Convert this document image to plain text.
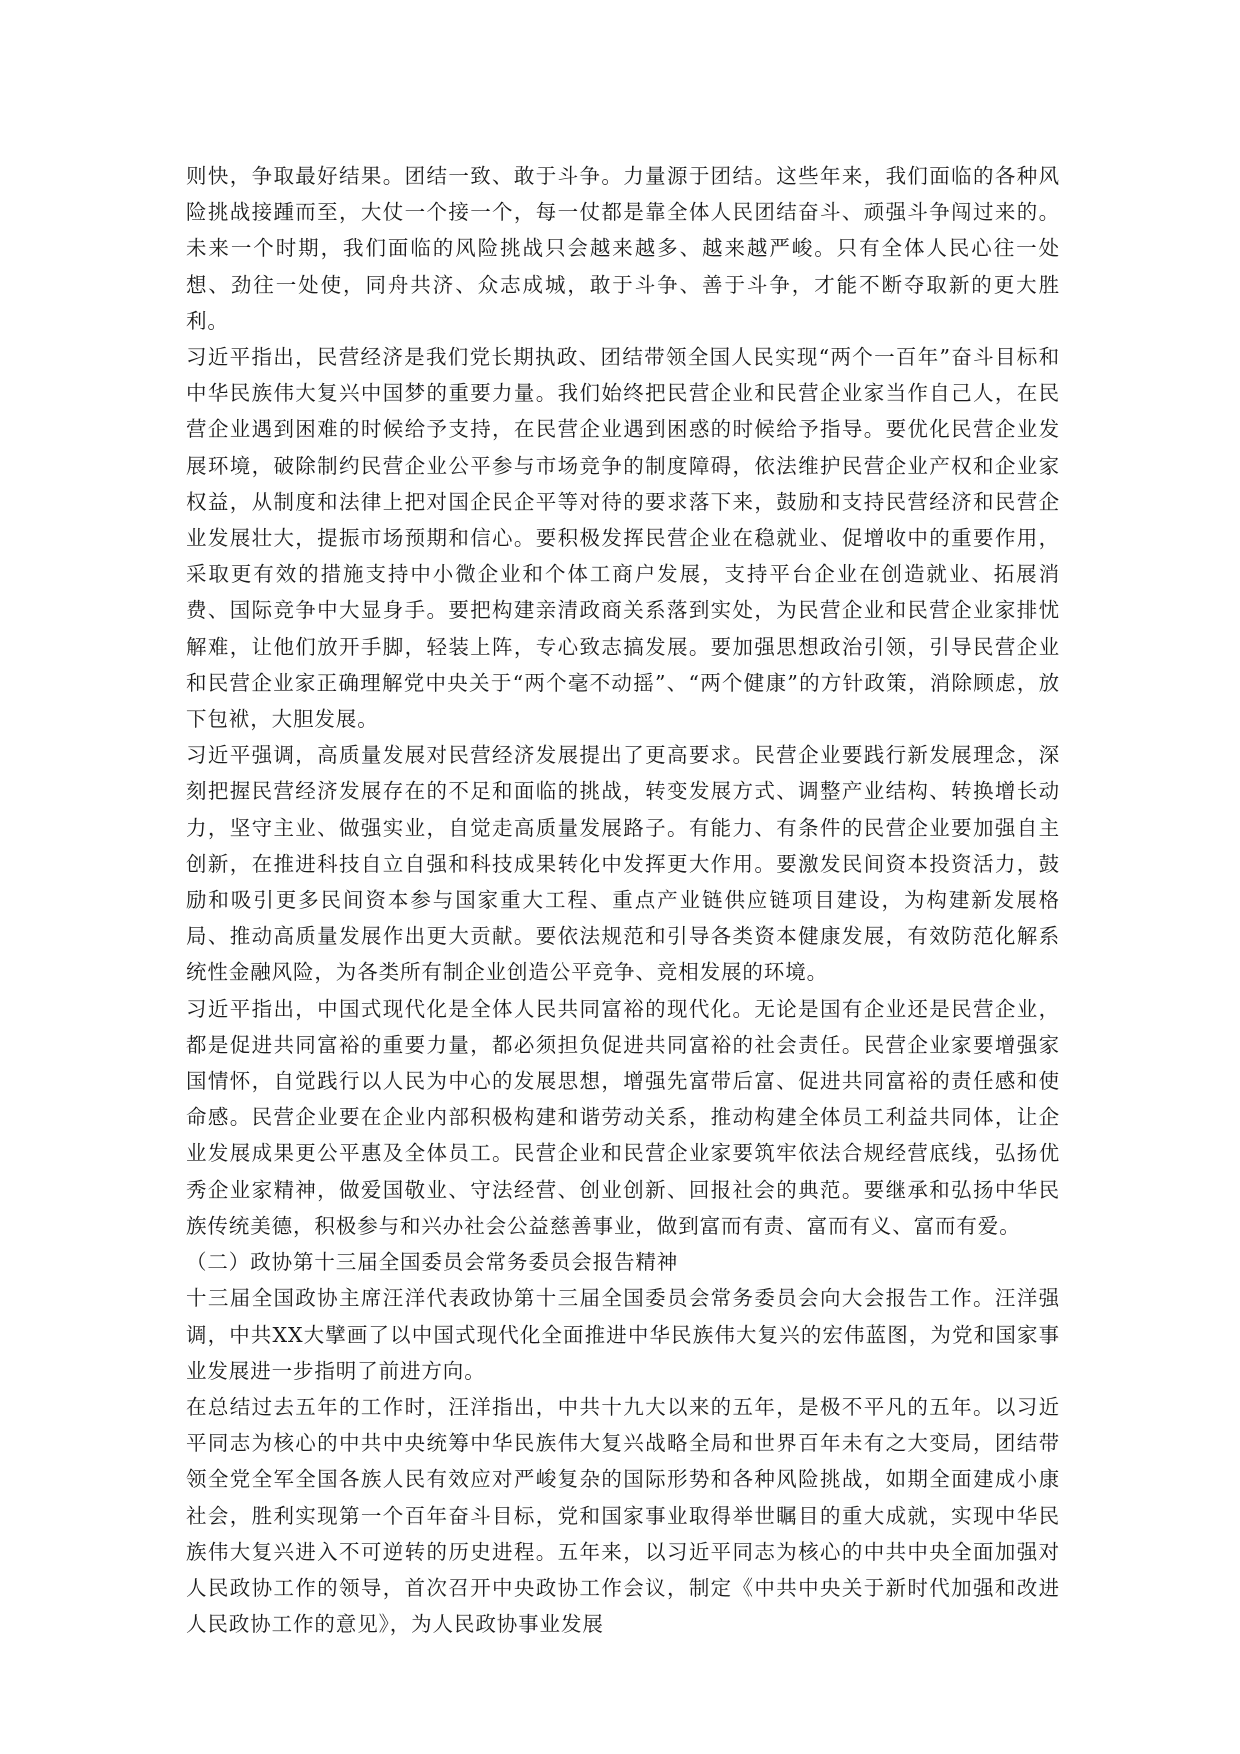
则快，争取最好结果。团结一致、敢于斗争。力量源于团结。这些年来，我们面临的各种风险挑战接踵而至，大仗一个接一个，每一仗都是靠全体人民团结奋斗、顽强斗争闯过来的。未来一个时期，我们面临的风险挑战只会越来越多、越来越严峻。只有全体人民心往一处想、劲往一处使，同舟共济、众志成城，敢于斗争、善于斗争，才能不断夺取新的更大胜利。

习近平指出，民营经济是我们党长期执政、团结带领全国人民实现“两个一百年”奋斗目标和中华民族伟大复兴中国梦的重要力量。我们始终把民营企业和民营企业家当作自己人，在民营企业遇到困难的时候给予支持，在民营企业遇到困惑的时候给予指导。要优化民营企业发展环境，破除制约民营企业公平参与市场竞争的制度障碍，依法维护民营企业产权和企业家权益，从制度和法律上把对国企民企平等对待的要求落下来，鼓励和支持民营经济和民营企业发展壮大，提振市场预期和信心。要积极发挥民营企业在稳就业、促增收中的重要作用，采取更有效的措施支持中小微企业和个体工商户发展，支持平台企业在创造就业、拓展消费、国际竞争中大显身手。要把构建亲清政商关系落到实处，为民营企业和民营企业家排忧解难，让他们放开手脚，轻装上阵，专心致志搞发展。要加强思想政治引领，引导民营企业和民营企业家正确理解党中央关于“两个毫不动摇”、“两个健康”的方针政策，消除顾虑，放下包袱，大胆发展。

习近平强调，高质量发展对民营经济发展提出了更高要求。民营企业要践行新发展理念，深刻把握民营经济发展存在的不足和面临的挑战，转变发展方式、调整产业结构、转换增长动力，坚守主业、做强实业，自觉走高质量发展路子。有能力、有条件的民营企业要加强自主创新，在推进科技自立自强和科技成果转化中发挥更大作用。要激发民间资本投资活力，鼓励和吸引更多民间资本参与国家重大工程、重点产业链供应链项目建设，为构建新发展格局、推动高质量发展作出更大贡献。要依法规范和引导各类资本健康发展，有效防范化解系统性金融风险，为各类所有制企业创造公平竞争、竞相发展的环境。

习近平指出，中国式现代化是全体人民共同富裕的现代化。无论是国有企业还是民营企业，都是促进共同富裕的重要力量，都必须担负促进共同富裕的社会责任。民营企业家要增强家国情怀，自觉践行以人民为中心的发展思想，增强先富带后富、促进共同富裕的责任感和使命感。民营企业要在企业内部积极构建和谐劳动关系，推动构建全体员工利益共同体，让企业发展成果更公平惠及全体员工。民营企业和民营企业家要筑牢依法合规经营底线，弘扬优秀企业家精神，做爱国敬业、守法经营、创业创新、回报社会的典范。要继承和弘扬中华民族传统美德，积极参与和兴办社会公益慈善事业，做到富而有责、富而有义、富而有爱。

（二）政协第十三届全国委员会常务委员会报告精神

十三届全国政协主席汪洋代表政协第十三届全国委员会常务委员会向大会报告工作。汪洋强调，中共XX大擘画了以中国式现代化全面推进中华民族伟大复兴的宏伟蓝图，为党和国家事业发展进一步指明了前进方向。

在总结过去五年的工作时，汪洋指出，中共十九大以来的五年，是极不平凡的五年。以习近平同志为核心的中共中央统筹中华民族伟大复兴战略全局和世界百年未有之大变局，团结带领全党全军全国各族人民有效应对严峻复杂的国际形势和各种风险挑战，如期全面建成小康社会，胜利实现第一个百年奋斗目标，党和国家事业取得举世瞩目的重大成就，实现中华民族伟大复兴进入不可逆转的历史进程。五年来，以习近平同志为核心的中共中央全面加强对人民政协工作的领导，首次召开中央政协工作会议，制定《中共中央关于新时代加强和改进人民政协工作的意见》，为人民政协事业发展
